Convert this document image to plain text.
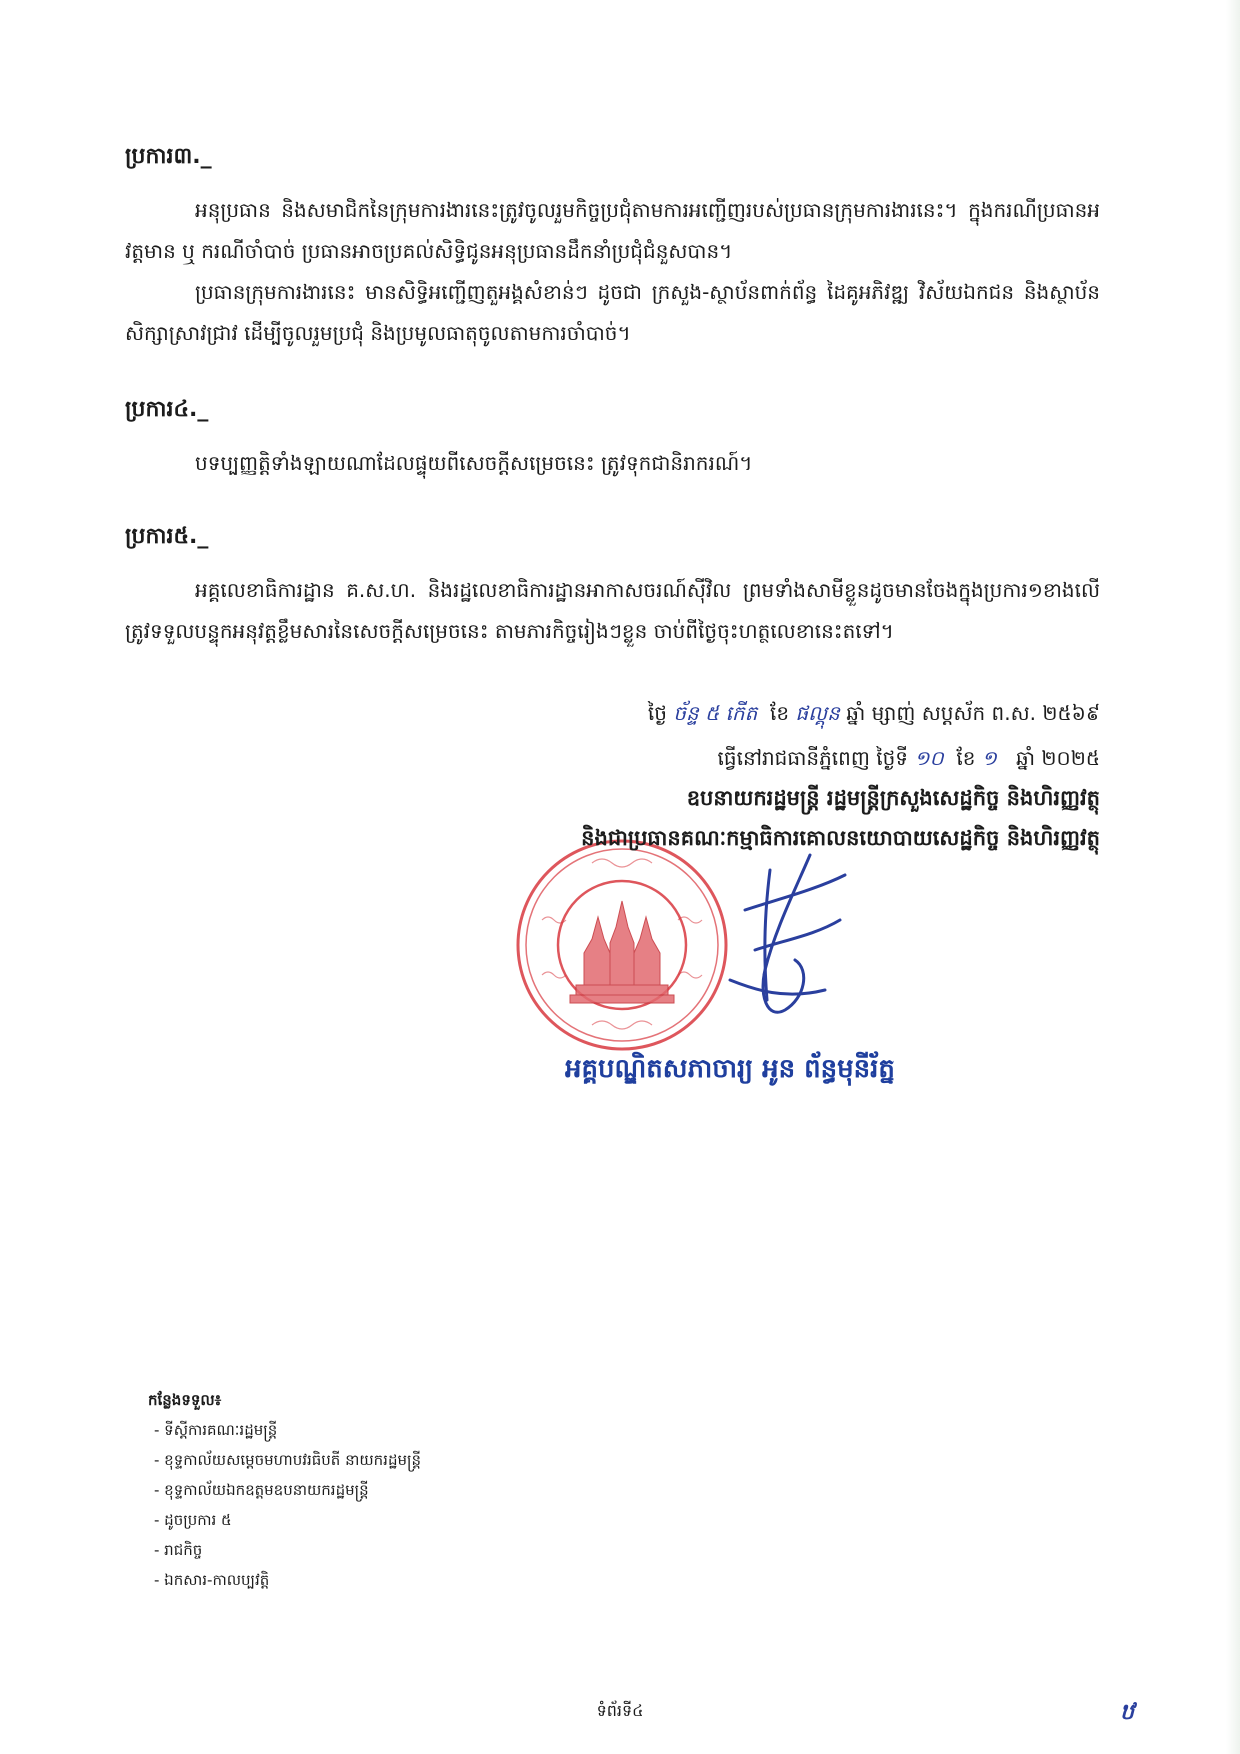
ប្រការ៣._

អនុប្រធាន និងសមាជិកនៃក្រុមការងារនេះត្រូវចូលរួមកិច្ចប្រជុំតាមការអញ្ជើញរបស់ប្រធានក្រុមការងារនេះ។ ក្នុងករណីប្រធានអវត្តមាន ឬ ករណីចាំបាច់ ប្រធានអាចប្រគល់សិទ្ធិជូនអនុប្រធានដឹកនាំប្រជុំជំនួសបាន។

ប្រធានក្រុមការងារនេះ មានសិទ្ធិអញ្ជើញតួអង្គសំខាន់ៗ ដូចជា ក្រសួង-ស្ថាប័នពាក់ព័ន្ធ ដៃគូអភិវឌ្ឍ វិស័យឯកជន និងស្ថាប័នសិក្សាស្រាវជ្រាវ ដើម្បីចូលរួមប្រជុំ និងប្រមូលធាតុចូលតាមការចាំបាច់។

ប្រការ៤._

បទប្បញ្ញត្តិទាំងឡាយណាដែលផ្ទុយពីសេចក្តីសម្រេចនេះ ត្រូវទុកជានិរាករណ៍។

ប្រការ៥._

អគ្គលេខាធិការដ្ឋាន គ.ស.ហ. និងរដ្ឋលេខាធិការដ្ឋានអាកាសចរណ៍ស៊ីវិល ព្រមទាំងសាមីខ្លួនដូចមានចែងក្នុងប្រការ១ខាងលើ ត្រូវទទួលបន្ទុកអនុវត្តខ្លឹមសារនៃសេចក្តីសម្រេចនេះ តាមភារកិច្ចរៀងៗខ្លួន ចាប់ពីថ្ងៃចុះហត្ថលេខានេះតទៅ។

ថ្ងៃ ច័ន្ទ ៥ កើត ខែ ផល្គុន ឆ្នាំ ម្សាញ់ សប្តស័ក ព.ស. ២៥៦៩
ធ្វើនៅរាជធានីភ្នំពេញ ថ្ងៃទី ១០ ខែ ១ ឆ្នាំ ២០២៥
ឧបនាយករដ្ឋមន្ត្រី រដ្ឋមន្ត្រីក្រសួងសេដ្ឋកិច្ច និងហិរញ្ញវត្ថុ
និងជាប្រធានគណៈកម្មាធិការគោលនយោបាយសេដ្ឋកិច្ច និងហិរញ្ញវត្ថុ
អគ្គបណ្ឌិតសភាចារ្យ អូន ព័ន្ធមុនីរ័ត្ន
កន្លែងទទួល៖
- ទីស្តីការគណៈរដ្ឋមន្ត្រី
- ខុទ្ទកាល័យសម្តេចមហាបវរធិបតី នាយករដ្ឋមន្ត្រី
- ខុទ្ទកាល័យឯកឧត្តមឧបនាយករដ្ឋមន្ត្រី
- ដូចប្រការ ៥
- រាជកិច្ច
- ឯកសារ-កាលប្បវត្តិ
ទំព័រទី៤	ឋ
